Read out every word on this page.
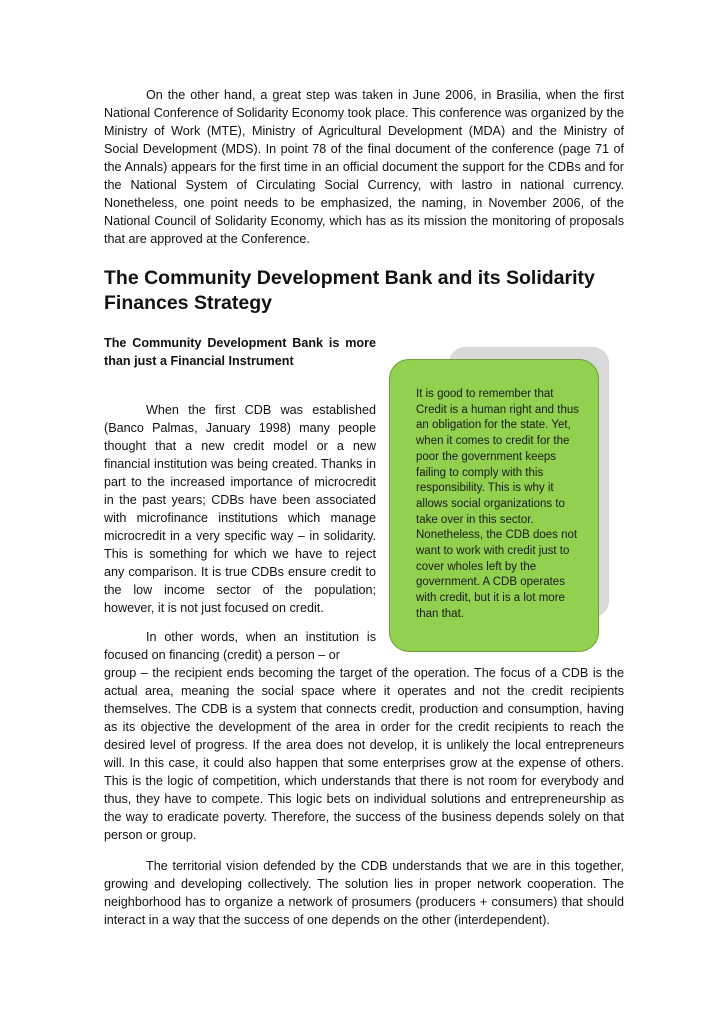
On the other hand, a great step was taken in June 2006, in Brasilia, when the first National Conference of Solidarity Economy took place. This conference was organized by the Ministry of Work (MTE), Ministry of Agricultural Development (MDA) and the Ministry of Social Development (MDS). In point 78 of the final document of the conference (page 71 of the Annals) appears for the first time in an official document the support for the CDBs and for the National System of Circulating Social Currency, with lastro in national currency. Nonetheless, one point needs to be emphasized, the naming, in November 2006, of the National Council of Solidarity Economy, which has as its mission the monitoring of proposals that are approved at the Conference.

The Community Development Bank and its Solidarity Finances Strategy

The Community Development Bank is more than just a Financial Instrument

When the first CDB was established (Banco Palmas, January 1998) many people thought that a new credit model or a new financial institution was being created. Thanks in part to the increased importance of microcredit in the past years; CDBs have been associated with microfinance institutions which manage microcredit in a very specific way – in solidarity. This is something for which we have to reject any comparison. It is true CDBs ensure credit to the low income sector of the population; however, it is not just focused on credit.

It is good to remember that Credit is a human right and thus an obligation for the state. Yet, when it comes to credit for the poor the government keeps failing to comply with this responsibility. This is why it allows social organizations to take over in this sector. Nonetheless, the CDB does not want to work with credit just to cover wholes left by the government. A CDB operates with credit, but it is a lot more than that.

In other words, when an institution is focused on financing (credit) a person – or

group – the recipient ends becoming the target of the operation. The focus of a CDB is the actual area, meaning the social space where it operates and not the credit recipients themselves. The CDB is a system that connects credit, production and consumption, having as its objective the development of the area in order for the credit recipients to reach the desired level of progress. If the area does not develop, it is unlikely the local entrepreneurs will. In this case, it could also happen that some enterprises grow at the expense of others. This is the logic of competition, which understands that there is not room for everybody and thus, they have to compete. This logic bets on individual solutions and entrepreneurship as the way to eradicate poverty. Therefore, the success of the business depends solely on that person or group.

The territorial vision defended by the CDB understands that we are in this together, growing and developing collectively. The solution lies in proper network cooperation. The neighborhood has to organize a network of prosumers (producers + consumers) that should interact in a way that the success of one depends on the other (interdependent).
